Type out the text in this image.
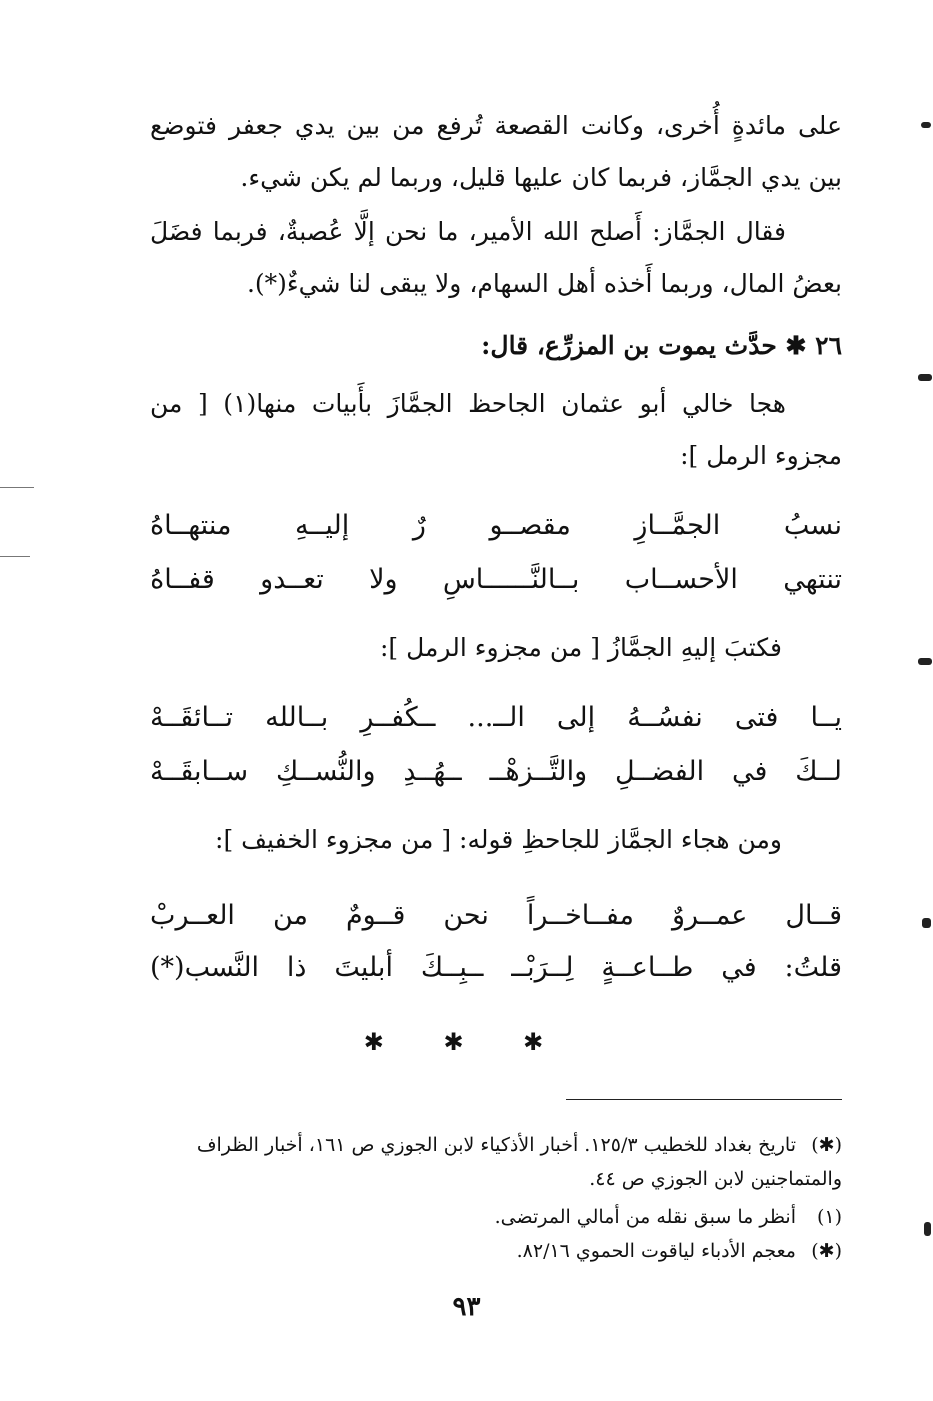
على مائدةٍ أُخرى، وكانت القصعة تُرفع من بين يدي جعفر فتوضع بين يدي الجمَّاز، فربما كان عليها قليل، وربما لم يكن شيء.

فقال الجمَّاز: أَصلح الله الأمير، ما نحن إلَّا عُصبةٌ، فربما فضَلَ بعضُ المال، وربما أَخذه أهل السهام، ولا يبقى لنا شيءٌ(*).

٢٦ ✱ حدَّث يموت بن المزرِّع، قال:

هجا خالي أبو عثمان الجاحظ الجمَّازَ بأَبيات منها(١) [ من مجزوء الرمل ]:

نسبُ
الجمَّــازِ
مقصــو
رٌ
إليــهِ
منتهــاهُ
تنتهي
الأحســاب
بــالنَّــــــاسِ
ولا
تعــدو
قفــاهُ

فكتبَ إليهِ الجمَّازُ [ من مجزوء الرمل ]:

يــا
فتى
نفسُــهُ
إلى
الــ...
ــكُفــرِ
بــالله
تــائقَــهْ
لــكَ
في
الفضــلِ
والتَّــزهْــ
ــهُــدِ
والنُّســكِ
ســابقَــهْ

ومن هجاء الجمَّاز للجاحظِ قوله: [ من مجزوء الخفيف ]:

قــال
عمــروٌ
مفــاخــراً
نحن
قــومٌ
من
العــربْ
قلتُ:
في
طــاعــةٍ
لِــرَبْــ
ــبِــكَ
أبليتَ
ذا
النَّسب(*)
✱ ✱ ✱
(✱)تاريخ بغداد للخطيب ١٢٥/٣. أخبار الأذكياء لابن الجوزي ص ١٦١، أخبار الظراف والمتماجنين لابن الجوزي ص ٤٤.
(١)أنظر ما سبق نقله من أمالي المرتضى.
(✱)معجم الأدباء لياقوت الحموي ٨٢/١٦.
٩٣
